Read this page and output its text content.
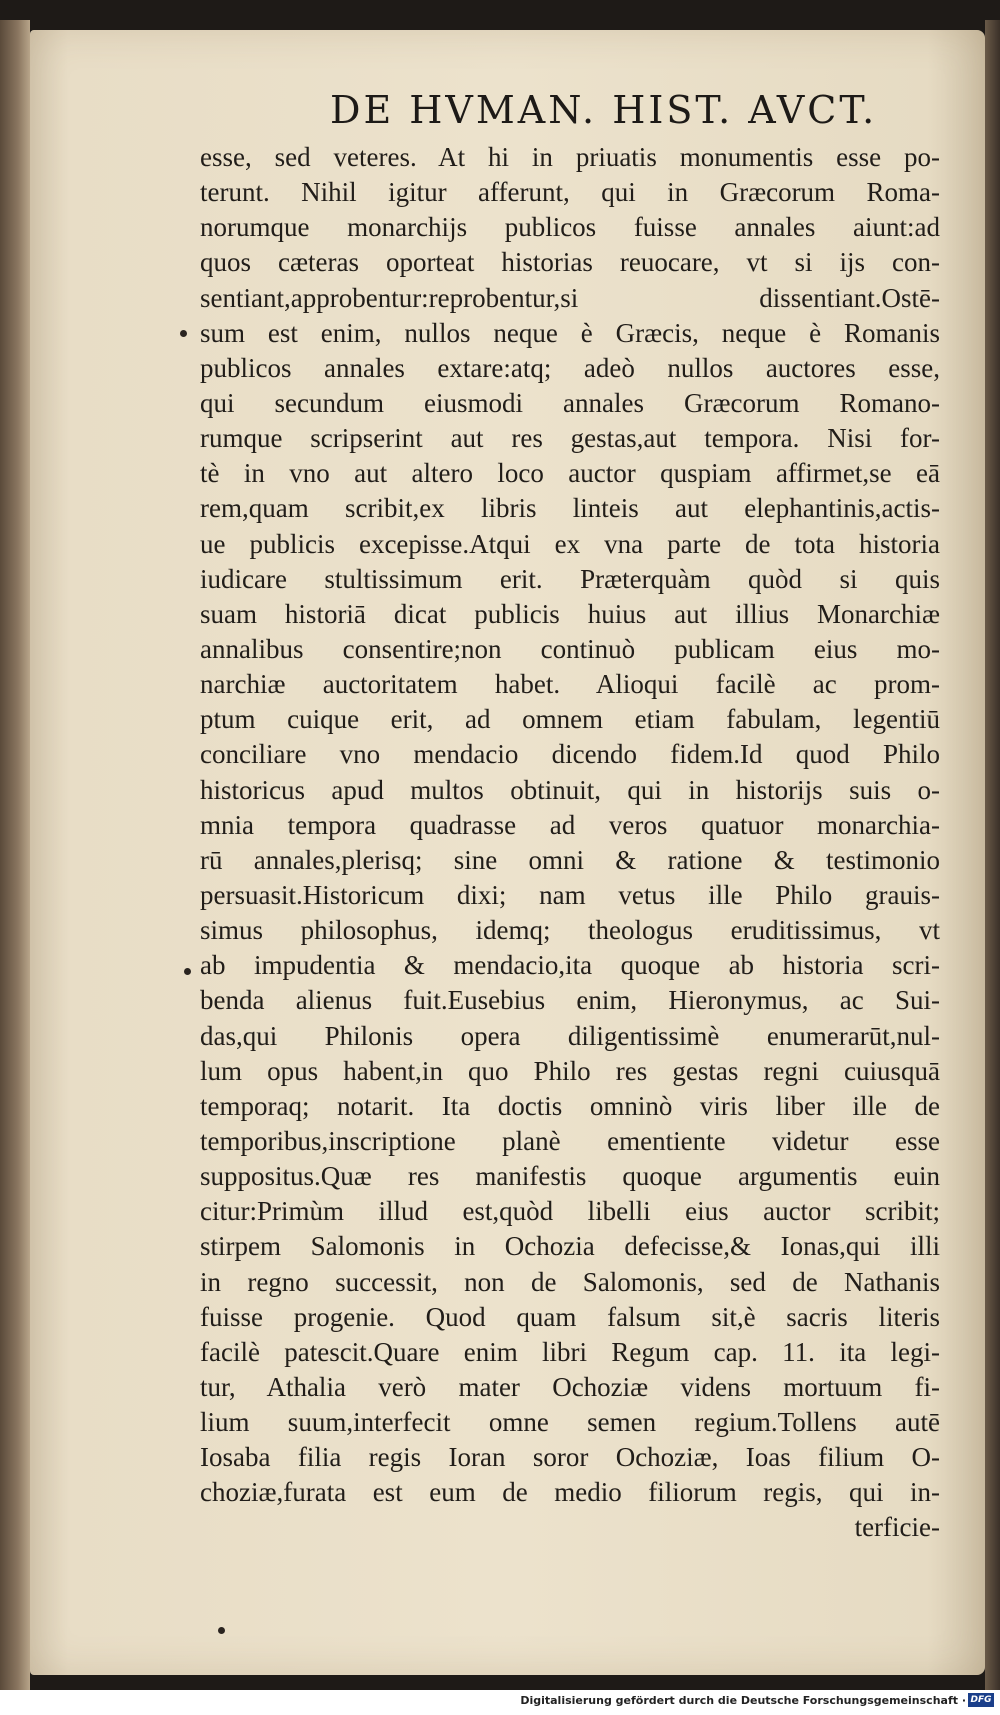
DE HVMAN. HIST. AVCT.
esse, sed veteres. At hi in priuatis monumentis esse po-
terunt. Nihil igitur afferunt, qui in Græcorum Roma-
norumque monarchijs publicos fuisse annales aiunt:ad
quos cæteras oporteat historias reuocare, vt si ijs con-
sentiant,approbentur:reprobentur,si dissentiant.Ostē-
sum est enim, nullos neque è Græcis, neque è Romanis
publicos annales extare:atq; adeò nullos auctores esse,
qui secundum eiusmodi annales Græcorum Romano-
rumque scripserint aut res gestas,aut tempora. Nisi for-
tè in vno aut altero loco auctor quspiam affirmet,se eā
rem,quam scribit,ex libris linteis aut elephantinis,actis-
ue publicis excepisse.Atqui ex vna parte de tota historia
iudicare stultissimum erit. Præterquàm quòd si quis
suam historiā dicat publicis huius aut illius Monarchiæ
annalibus consentire;non continuò publicam eius mo-
narchiæ auctoritatem habet. Alioqui facilè ac prom-
ptum cuique erit, ad omnem etiam fabulam, legentiū
conciliare vno mendacio dicendo fidem.Id quod Philo
historicus apud multos obtinuit, qui in historijs suis o-
mnia tempora quadrasse ad veros quatuor monarchia-
rū annales,plerisq; sine omni & ratione & testimonio
persuasit.Historicum dixi; nam vetus ille Philo grauis-
simus philosophus, idemq; theologus eruditissimus, vt
ab impudentia & mendacio,ita quoque ab historia scri-
benda alienus fuit.Eusebius enim, Hieronymus, ac Sui-
das,qui Philonis opera diligentissimè enumerarūt,nul-
lum opus habent,in quo Philo res gestas regni cuiusquā
temporaq; notarit. Ita doctis omninò viris liber ille de
temporibus,inscriptione planè ementiente videtur esse
suppositus.Quæ res manifestis quoque argumentis euin
citur:Primùm illud est,quòd libelli eius auctor scribit;
stirpem Salomonis in Ochozia defecisse,& Ionas,qui illi
in regno successit, non de Salomonis, sed de Nathanis
fuisse progenie. Quod quam falsum sit,è sacris literis
facilè patescit.Quare enim libri Regum cap. 11. ita legi-
tur, Athalia verò mater Ochoziæ videns mortuum fi-
lium suum,interfecit omne semen regium.Tollens autē
Iosaba filia regis Ioran soror Ochoziæ, Ioas filium O-
choziæ,furata est eum de medio filiorum regis, qui in-
terficie-
Digitalisierung gefördert durch die Deutsche Forschungsgemeinschaft · DFG
